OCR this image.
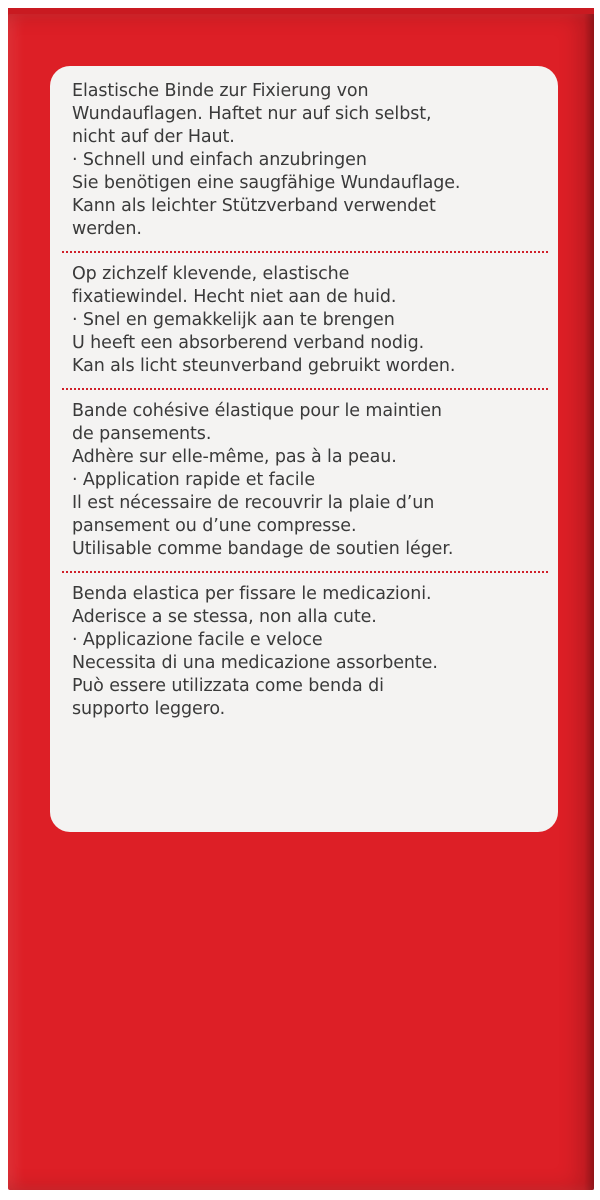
Elastische Binde zur Fixierung von
Wundauflagen. Haftet nur auf sich selbst,
nicht auf der Haut.
· Schnell und einfach anzubringen
Sie benötigen eine saugfähige Wundauflage.
Kann als leichter Stützverband verwendet
werden.
Op zichzelf klevende, elastische
fixatiewindel. Hecht niet aan de huid.
· Snel en gemakkelijk aan te brengen
U heeft een absorberend verband nodig.
Kan als licht steunverband gebruikt worden.
Bande cohésive élastique pour le maintien
de pansements.
Adhère sur elle-même, pas à la peau.
· Application rapide et facile
Il est nécessaire de recouvrir la plaie d’un
pansement ou d’une compresse.
Utilisable comme bandage de soutien léger.
Benda elastica per fissare le medicazioni.
Aderisce a se stessa, non alla cute.
· Applicazione facile e veloce
Necessita di una medicazione assorbente.
Può essere utilizzata come benda di
supporto leggero.
